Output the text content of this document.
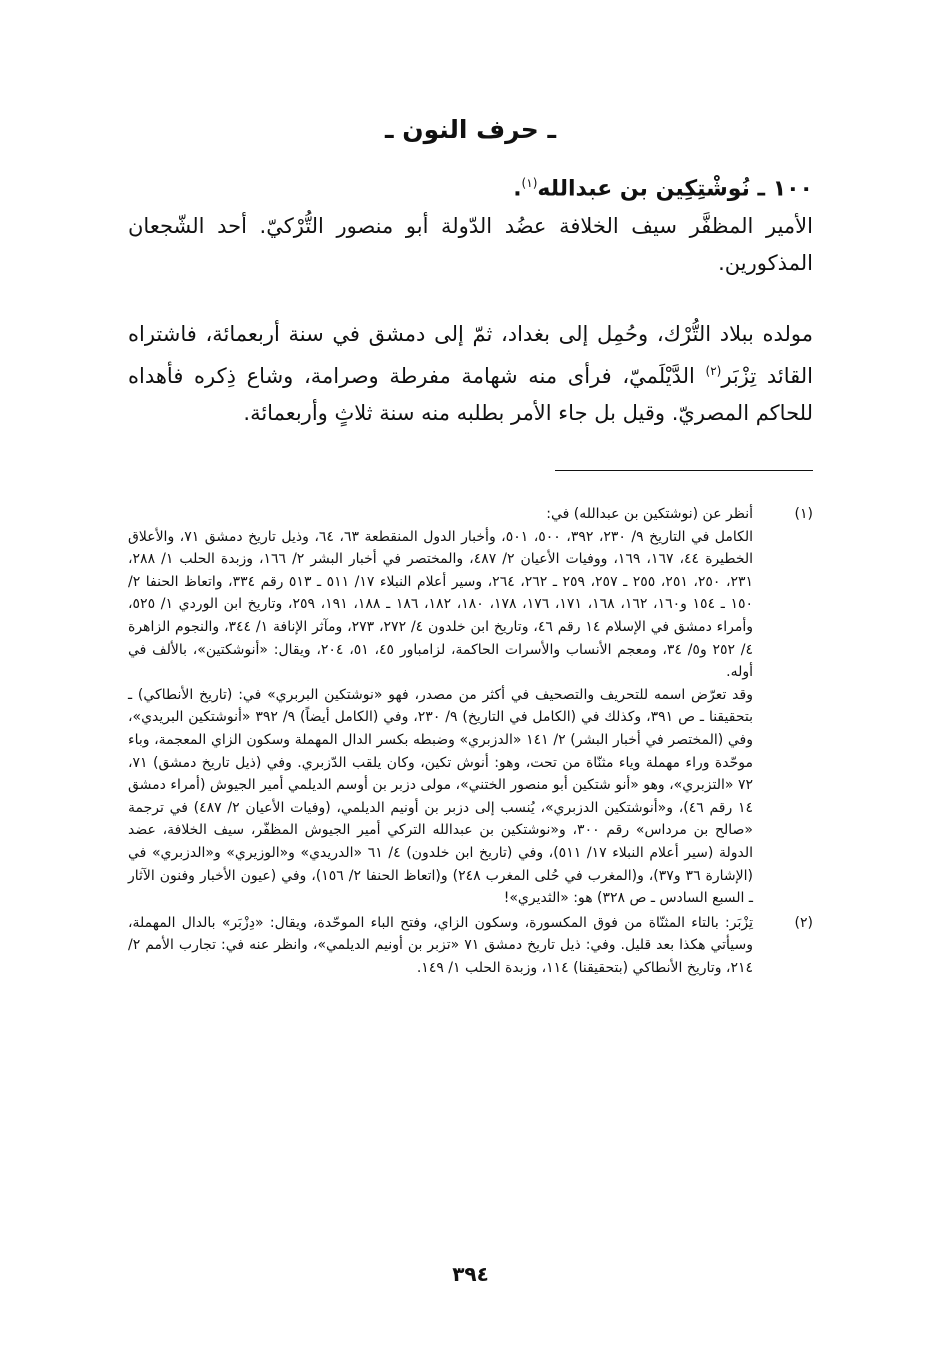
ـ حرف النون ـ
١٠٠ ـ نُوشْتِكِين بن عبدالله$^{(١)}$.
الأمير المظفَّر سيف الخلافة عضُد الدّولة أبو منصور التُّرْكيّ. أحد الشّجعان المذكورين.
مولده ببلاد التُّرْك، وحُمِل إلى بغداد، ثمّ إلى دمشق في سنة أربعمائة، فاشتراه القائد تِزْبَر$^{(٢)}$ الدَّيْلَميّ، فرأى منه شهامة مفرطة وصرامة، وشاع ذِكره فأهداه للحاكم المصريّ. وقيل بل جاء الأمر بطلبه منه سنة ثلاثٍ وأربعمائة.
(١)

أنظر عن (نوشتكين بن عبدالله) في:

الكامل في التاريخ ٩/ ٢٣٠، ٣٩٢، ٥٠٠، ٥٠١، وأخبار الدول المنقطعة ٦٣، ٦٤، وذيل تاريخ دمشق ٧١، والأعلاق الخطيرة ٤٤، ١٦٧، ١٦٩، ووفيات الأعيان ٢/ ٤٨٧، والمختصر في أخبار البشر ٢/ ١٦٦، وزبدة الحلب ١/ ٢٨٨، ٢٣١، ٢٥٠، ٢٥١، ٢٥٥ ـ ٢٥٧، ٢٥٩ ـ ٢٦٢، ٢٦٤، وسير أعلام النبلاء ١٧/ ٥١١ ـ ٥١٣ رقم ٣٣٤، واتعاظ الحنفا ٢/ ١٥٠ ـ ١٥٤ و١٦٠، ١٦٢، ١٦٨، ١٧١، ١٧٦، ١٧٨، ١٨٠، ١٨٢، ١٨٦ ـ ١٨٨، ١٩١، ٢٥٩، وتاريخ ابن الوردي ١/ ٥٢٥، وأمراء دمشق في الإسلام ١٤ رقم ٤٦، وتاريخ ابن خلدون ٤/ ٢٧٢، ٢٧٣، ومآثر الإنافة ١/ ٣٤٤، والنجوم الزاهرة ٤/ ٢٥٢ و٥/ ٣٤، ومعجم الأنساب والأسرات الحاكمة، لزامباور ٤٥، ٥١، ٢٠٤، ويقال: «أنوشكتين»، بالألف في أوله.

وقد تعرّض اسمه للتحريف والتصحيف في أكثر من مصدر، فهو «نوشتكين البربري» في: (تاريخ الأنطاكي) ـ بتحقيقنا ـ ص ٣٩١، وكذلك في (الكامل في التاريخ) ٩/ ٢٣٠، وفي (الكامل أيضاً) ٩/ ٣٩٢ «أنوشتكين البريدي»، وفي (المختصر في أخبار البشر) ٢/ ١٤١ «الدزبري» وضبطه بكسر الدال المهملة وسكون الزاي المعجمة، وباء موحّدة وراء مهملة وياء مثنّاة من تحت، وهو: أنوش تكين، وكان يلقب الدّزبري. وفي (ذيل تاريخ دمشق) ٧١، ٧٢ «التزبري»، وهو «أنو شتكين أبو منصور الختني»، مولى دزبر بن أوسم الديلمي أمير الجيوش (أمراء دمشق ١٤ رقم ٤٦)، و«أنوشتكين الدزبري»، يُنسب إلى دزبر بن أونيم الديلمي، (وفيات الأعيان ٢/ ٤٨٧) في ترجمة «صالح بن مرداس» رقم ٣٠٠، و«نوشتكين بن عبدالله التركي أمير الجيوش المظفّر، سيف الخلافة، عضد الدولة (سير أعلام النبلاء ١٧/ ٥١١)، وفي (تاريخ ابن خلدون) ٤/ ٦١ «الدريدي» و«الوزيري» و«الدزبري» في (الإشارة ٣٦ و٣٧)، و(المغرب في حُلى المغرب ٢٤٨) و(اتعاظ الحنفا ٢/ ١٥٦)، وفي (عيون الأخبار وفنون الآثار ـ السبع السادس ـ ص ٣٢٨) هو: «الثديري»!

(٢)

تِزْبَر: بالتاء المثنّاة من فوق المكسورة، وسكون الزاي، وفتح الباء الموحّدة، ويقال: «دِزْبَر» بالدال المهملة، وسيأتي هكذا بعد قليل. وفي: ذيل تاريخ دمشق ٧١ «تزبر بن أونيم الديلمي»، وانظر عنه في: تجارب الأمم ٢/ ٢١٤، وتاريخ الأنطاكي (بتحقيقنا) ١١٤، وزبدة الحلب ١/ ١٤٩.

٣٩٤
